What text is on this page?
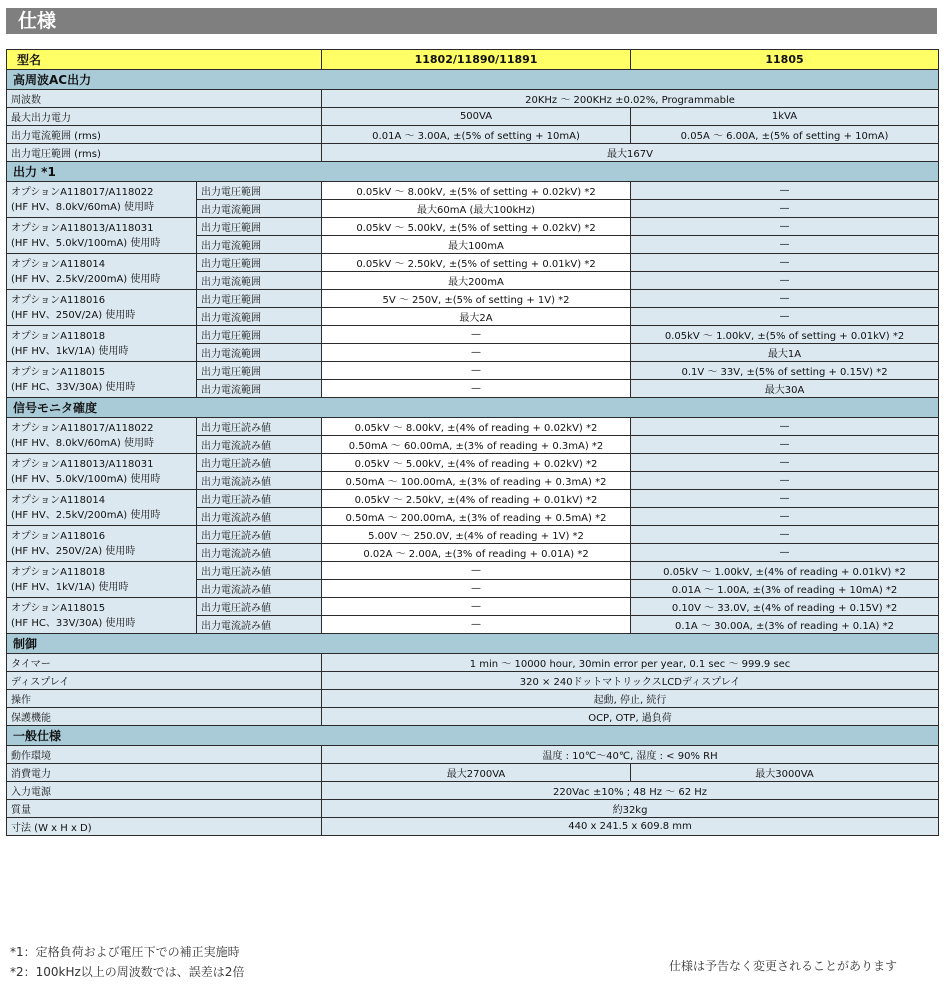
仕様
型名		11802/11890/11891	11805
高周波AC出力			
周波数		20KHz ～ 200KHz ±0.02%, Programmable	
最大出力電力		500VA	1kVA
出力電流範囲 (rms)		0.01A ～ 3.00A, ±(5% of setting + 10mA)	0.05A ～ 6.00A, ±(5% of setting + 10mA)
出力電圧範囲 (rms)		最大167V	
出力 *1			

オプションA118017/A118022
(HF HV、8.0kV/60mA) 使用時	出力電圧範囲	0.05kV ～ 8.00kV, ±(5% of setting + 0.02kV) *2	—
	出力電流範囲	最大60mA (最大100kHz)	—

オプションA118013/A118031
(HF HV、5.0kV/100mA) 使用時	出力電圧範囲	0.05kV ～ 5.00kV, ±(5% of setting + 0.02kV) *2	—
	出力電流範囲	最大100mA	—

オプションA118014
(HF HV、2.5kV/200mA) 使用時	出力電圧範囲	0.05kV ～ 2.50kV, ±(5% of setting + 0.01kV) *2	—
	出力電流範囲	最大200mA	—

オプションA118016
(HF HV、250V/2A) 使用時	出力電圧範囲	5V ～ 250V, ±(5% of setting + 1V) *2	—
	出力電流範囲	最大2A	—

オプションA118018
(HF HV、1kV/1A) 使用時	出力電圧範囲	—	0.05kV ～ 1.00kV, ±(5% of setting + 0.01kV) *2
	出力電流範囲	—	最大1A

オプションA118015
(HF HC、33V/30A) 使用時	出力電圧範囲	—	0.1V ～ 33V, ±(5% of setting + 0.15V) *2
	出力電流範囲	—	最大30A
信号モニタ確度			

オプションA118017/A118022
(HF HV、8.0kV/60mA) 使用時	出力電圧読み値	0.05kV ～ 8.00kV, ±(4% of reading + 0.02kV) *2	—
	出力電流読み値	0.50mA ～ 60.00mA, ±(3% of reading + 0.3mA) *2	—

オプションA118013/A118031
(HF HV、5.0kV/100mA) 使用時	出力電圧読み値	0.05kV ～ 5.00kV, ±(4% of reading + 0.02kV) *2	—
	出力電流読み値	0.50mA ～ 100.00mA, ±(3% of reading + 0.3mA) *2	—

オプションA118014
(HF HV、2.5kV/200mA) 使用時	出力電圧読み値	0.05kV ～ 2.50kV, ±(4% of reading + 0.01kV) *2	—
	出力電流読み値	0.50mA ～ 200.00mA, ±(3% of reading + 0.5mA) *2	—

オプションA118016
(HF HV、250V/2A) 使用時	出力電圧読み値	5.00V ～ 250.0V, ±(4% of reading + 1V) *2	—
	出力電流読み値	0.02A ～ 2.00A, ±(3% of reading + 0.01A) *2	—

オプションA118018
(HF HV、1kV/1A) 使用時	出力電圧読み値	—	0.05kV ～ 1.00kV, ±(4% of reading + 0.01kV) *2
	出力電流読み値	—	0.01A ～ 1.00A, ±(3% of reading + 10mA) *2

オプションA118015
(HF HC、33V/30A) 使用時	出力電圧読み値	—	0.10V ～ 33.0V, ±(4% of reading + 0.15V) *2
	出力電流読み値	—	0.1A ～ 30.00A, ±(3% of reading + 0.1A) *2
制御			
タイマー		1 min ～ 10000 hour, 30min error per year, 0.1 sec ～ 999.9 sec	
ディスプレイ		320 × 240ドットマトリックスLCDディスプレイ	
操作		起動, 停止, 続行	
保護機能		OCP, OTP, 過負荷	
一般仕様			
動作環境		温度 : 10℃～40℃, 湿度 : < 90% RH	
消費電力		最大2700VA	最大3000VA
入力電源		220Vac ±10% ; 48 Hz ～ 62 Hz	
質量		約32kg	
寸法 (W x H x D)		440 x 241.5 x 609.8 mm	
*1：定格負荷および電圧下での補正実施時
*2：100kHz以上の周波数では、誤差は2倍	仕様は予告なく変更されることがあります
